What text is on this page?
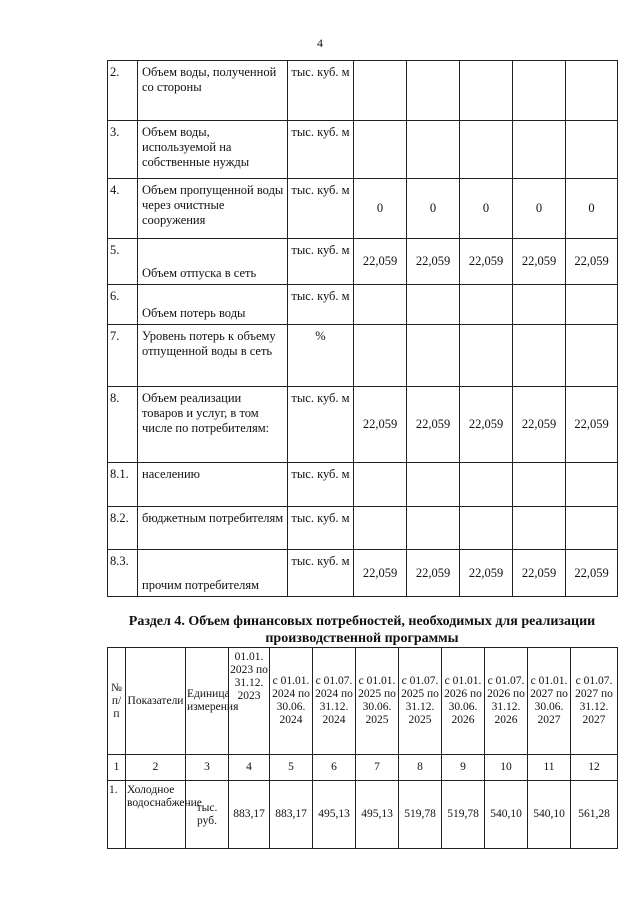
4
2.	Объем воды, полученной со стороны	тыс. куб. м					
3.	Объем воды, используемой на собственные нужды	тыс. куб. м					
4.	Объем пропущенной воды через очистные сооружения	тыс. куб. м	0	0	0	0	0
5.	Объем отпуска в сеть	тыс. куб. м	22,059	22,059	22,059	22,059	22,059
6.	Объем потерь воды	тыс. куб. м					
7.	Уровень потерь к объему отпущенной воды в сеть	%					
8.	Объем реализации товаров и услуг, в том числе по потребителям:	тыс. куб. м	22,059	22,059	22,059	22,059	22,059
8.1.	населению	тыс. куб. м					
8.2.	бюджетным потребителям	тыс. куб. м					
8.3.	прочим потребителям	тыс. куб. м	22,059	22,059	22,059	22,059	22,059
Раздел 4. Объем финансовых потребностей, необходимых для реализации производственной программы
№ п/п	Показатели	Единица измерения	01.01. 2023 по 31.12. 2023	с 01.01. 2024 по 30.06. 2024	с 01.07. 2024 по 31.12. 2024	с 01.01. 2025 по 30.06. 2025	с 01.07. 2025 по 31.12. 2025	с 01.01. 2026 по 30.06. 2026	с 01.07. 2026 по 31.12. 2026	с 01.01. 2027 по 30.06. 2027	с 01.07. 2027 по 31.12. 2027
1	2	3	4	5	6	7	8	9	10	11	12
1.	Холодное водоснабжение	тыс. руб.	883,17	883,17	495,13	495,13	519,78	519,78	540,10	540,10	561,28
